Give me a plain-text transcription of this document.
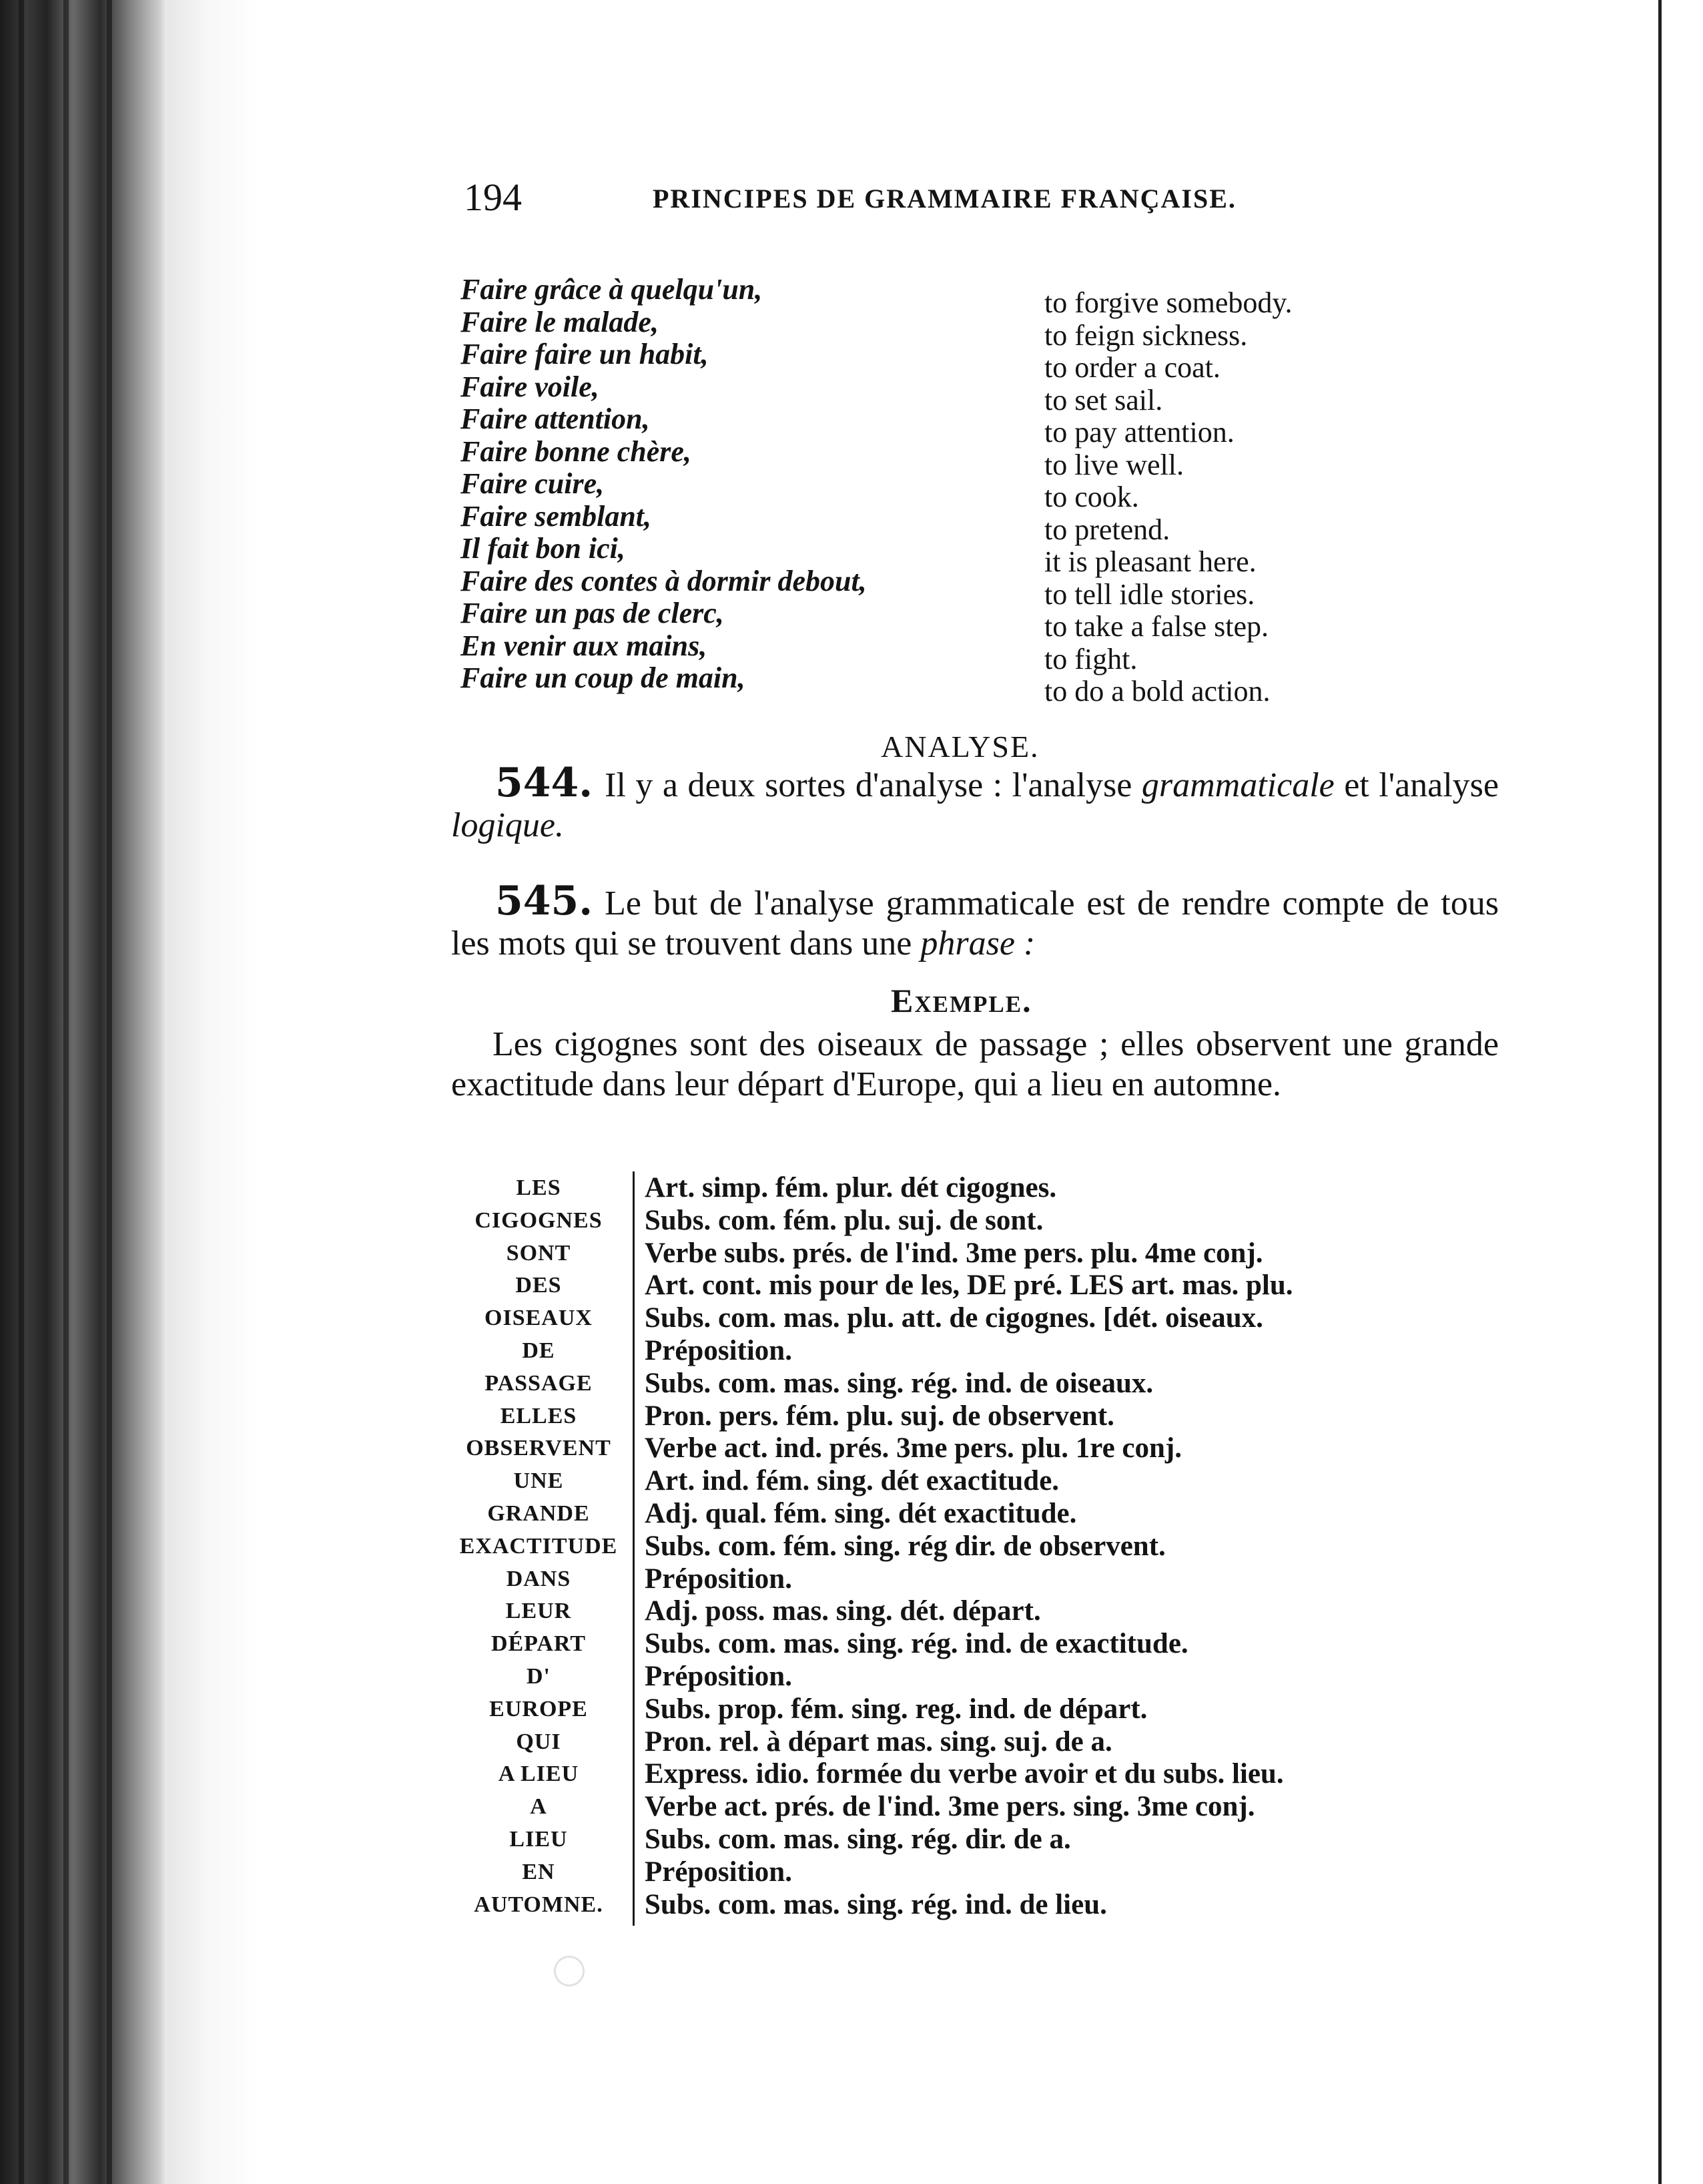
194	PRINCIPES DE GRAMMAIRE FRANÇAISE.
Faire grâce à quelqu'un,	to forgive somebody.
Faire le malade,	to feign sickness.
Faire faire un habit,	to order a coat.
Faire voile,	to set sail.
Faire attention,	to pay attention.
Faire bonne chère,	to live well.
Faire cuire,	to cook.
Faire semblant,	to pretend.
Il fait bon ici,	it is pleasant here.
Faire des contes à dormir debout,	to tell idle stories.
Faire un pas de clerc,	to take a false step.
En venir aux mains,	to fight.
Faire un coup de main,	to do a bold action.
ANALYSE.
544. Il y a deux sortes d'analyse : l'analyse grammaticale et l'analyse logique.
545. Le but de l'analyse grammaticale est de rendre compte de tous les mots qui se trouvent dans une phrase :
Exemple.
Les cigognes sont des oiseaux de passage ; elles observent une grande exactitude dans leur départ d'Europe, qui a lieu en automne.
LES	Art. simp. fém. plur. dét cigognes.
CIGOGNES	Subs. com. fém. plu. suj. de sont.
SONT	Verbe subs. prés. de l'ind. 3me pers. plu. 4me conj.
DES	Art. cont. mis pour de les, DE pré. LES art. mas. plu.
OISEAUX	Subs. com. mas. plu. att. de cigognes. [dét. oiseaux.
DE	Préposition.
PASSAGE	Subs. com. mas. sing. rég. ind. de oiseaux.
ELLES	Pron. pers. fém. plu. suj. de observent.
OBSERVENT	Verbe act. ind. prés. 3me pers. plu. 1re conj.
UNE	Art. ind. fém. sing. dét exactitude.
GRANDE	Adj. qual. fém. sing. dét exactitude.
EXACTITUDE Subs. com. fém. sing. rég dir. de observent.
DANS	Préposition.
LEUR	Adj. poss. mas. sing. dét. départ.
DÉPART	Subs. com. mas. sing. rég. ind. de exactitude.
D'	Préposition.
EUROPE	Subs. prop. fém. sing. reg. ind. de départ.
QUI	Pron. rel. à départ mas. sing. suj. de a.
A LIEU	Express. idio. formée du verbe avoir et du subs. lieu.
A	Verbe act. prés. de l'ind. 3me pers. sing. 3me conj.
LIEU	Subs. com. mas. sing. rég. dir. de a.
EN	Préposition.
AUTOMNE.	Subs. com. mas. sing. rég. ind. de lieu.
